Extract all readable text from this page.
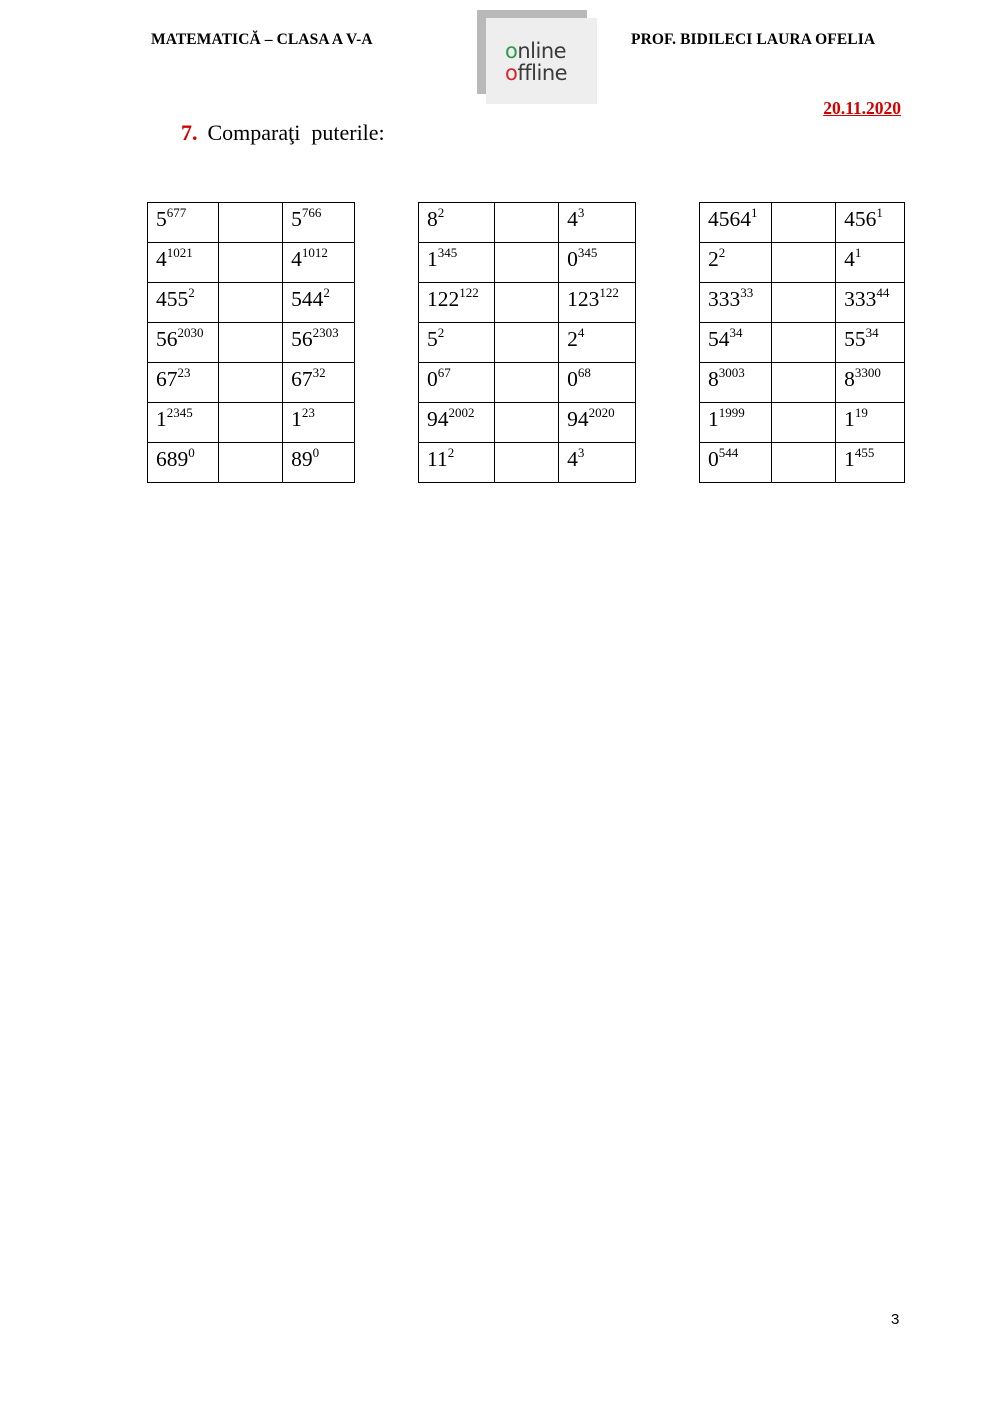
MATEMATICĂ – CLASA A V-A	online
offline
PROF. BIDILECI LAURA OFELIA
20.11.2020
7. Comparaţi  puterile:
$5^{677}$		$5^{766}$
$4^{1021}$		$4^{1012}$
$455^2$		$544^2$
$56^{2030}$		$56^{2303}$
$67^{23}$		$67^{32}$
$1^{2345}$		$1^{23}$
$689^0$		$89^0$
$8^2$		$4^3$
$1^{345}$		$0^{345}$
$122^{122}$		$123^{122}$
$5^2$		$2^4$
$0^{67}$		$0^{68}$
$94^{2002}$		$94^{2020}$
$11^2$		$4^3$
4564$^1$		$456^1$
$2^2$		$4^1$
$333^{33}$		$333^{44}$
$54^{34}$		$55^{34}$
$8^{3003}$		$8^{3300}$
$1^{1999}$		$1^{19}$
$0^{544}$		$1^{455}$
3
